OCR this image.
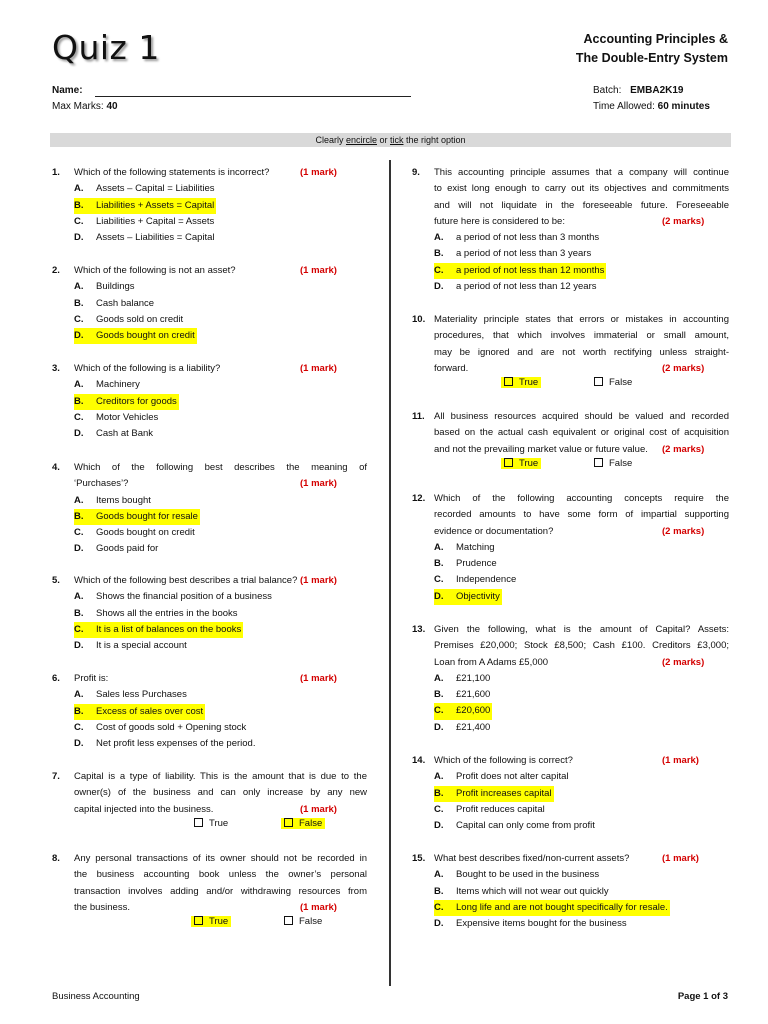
Quiz 1	Accounting Principles &
The Double-Entry System
Name:
Max Marks: 40
Batch: EMBA2K19
Time Allowed: 60 minutes
Clearly encircle or tick the right option
1.	(1 mark)
Which of the following statements is incorrect?
A. Assets – Capital = Liabilities
B. Liabilities + Assets = Capital
C. Liabilities + Capital = Assets
D. Assets – Liabilities = Capital
2.	(1 mark)
Which of the following is not an asset?
A. Buildings
B. Cash balance
C. Goods sold on credit
D. Goods bought on credit
3.	(1 mark)
Which of the following is a liability?
A. Machinery
B. Creditors for goods
C. Motor Vehicles
D. Cash at Bank
4.
(1 mark)
Which of the following best describes the meaning of
‘Purchases’?
A. Items bought
B. Goods bought for resale
C. Goods bought on credit
D. Goods paid for
5.	(1 mark)
Which of the following best describes a trial balance?
A. Shows the financial position of a business
B. Shows all the entries in the books
C. It is a list of balances on the books
D. It is a special account
6.	(1 mark)
Profit is:
A. Sales less Purchases
B. Excess of sales over cost
C. Cost of goods sold + Opening stock
D. Net profit less expenses of the period.
7.
(1 mark)
Capital is a type of liability. This is the amount that is due to the
owner(s) of the business and can only increase by any new
capital injected into the business.
True	False
8.
(1 mark)
Any personal transactions of its owner should not be recorded in
the business accounting book unless the owner’s personal
transaction involves adding and/or withdrawing resources from
the business.
True	False
9.
(2 marks)
This accounting principle assumes that a company will continue
to exist long enough to carry out its objectives and commitments
and will not liquidate in the foreseeable future. Foreseeable
future here is considered to be:
A. a period of not less than 3 months
B. a period of not less than 3 years
C. a period of not less than 12 months
D. a period of not less than 12 years
10.
(2 marks)
Materiality principle states that errors or mistakes in accounting
procedures, that which involves immaterial or small amount,
may be ignored and are not worth rectifying unless straight-
forward.
True	False
11.
(2 marks)
All business resources acquired should be valued and recorded
based on the actual cash equivalent or original cost of acquisition
and not the prevailing market value or future value.
True	False
12.
(2 marks)
Which of the following accounting concepts require the
recorded amounts to have some form of impartial supporting
evidence or documentation?
A. Matching
B. Prudence
C. Independence
D. Objectivity
13.
(2 marks)
Given the following, what is the amount of Capital? Assets:
Premises £20,000; Stock £8,500; Cash £100. Creditors £3,000;
Loan from A Adams £5,000
A. £21,100
B. £21,600
C. £20,600
D. £21,400
14.	(1 mark)
Which of the following is correct?
A. Profit does not alter capital
B. Profit increases capital
C. Profit reduces capital
D. Capital can only come from profit
15.	(1 mark)
What best describes fixed/non-current assets?
A. Bought to be used in the business
B. Items which will not wear out quickly
C. Long life and are not bought specifically for resale.
D. Expensive items bought for the business
Business Accounting	Page 1 of 3
